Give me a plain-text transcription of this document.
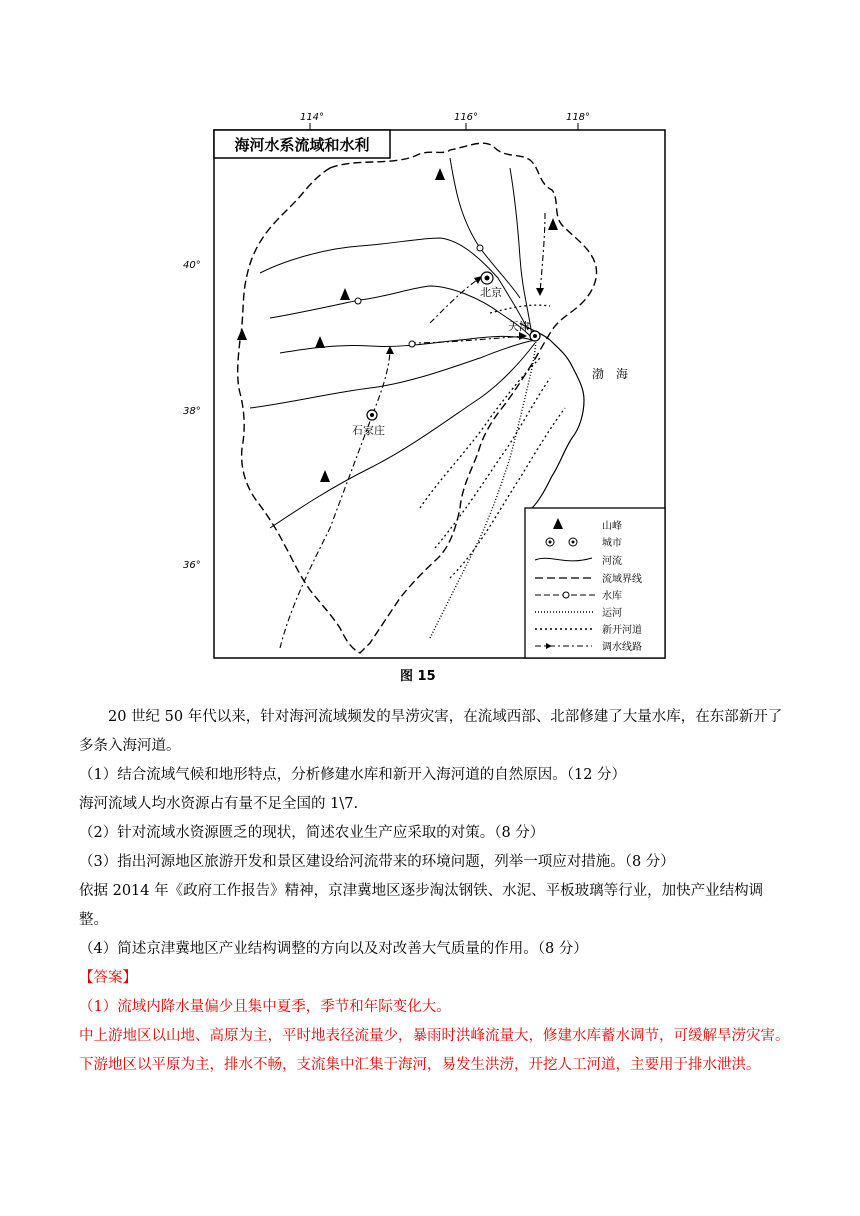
114°	116°	118°
40°
38°
36°
海河水系流域和水利
北京
天津
石家庄
渤　海
山峰
城市
河流
流域界线
水库
运河
新开河道
调水线路
图 15

20 世纪 50 年代以来，针对海河流域频发的旱涝灾害，在流域西部、北部修建了大量水库，在东部新开了多条入海河道。

（1）结合流域气候和地形特点，分析修建水库和新开入海河道的自然原因。（12 分）

海河流域人均水资源占有量不足全国的 1\7.

（2）针对流域水资源匮乏的现状，简述农业生产应采取的对策。（8 分）

（3）指出河源地区旅游开发和景区建设给河流带来的环境问题，列举一项应对措施。（8 分）

依据 2014 年《政府工作报告》精神，京津冀地区逐步淘汰钢铁、水泥、平板玻璃等行业，加快产业结构调整。

（4）简述京津冀地区产业结构调整的方向以及对改善大气质量的作用。（8 分）

【答案】

（1）流域内降水量偏少且集中夏季，季节和年际变化大。

中上游地区以山地、高原为主，平时地表径流量少，暴雨时洪峰流量大，修建水库蓄水调节，可缓解旱涝灾害。

下游地区以平原为主，排水不畅，支流集中汇集于海河，易发生洪涝，开挖人工河道，主要用于排水泄洪。
